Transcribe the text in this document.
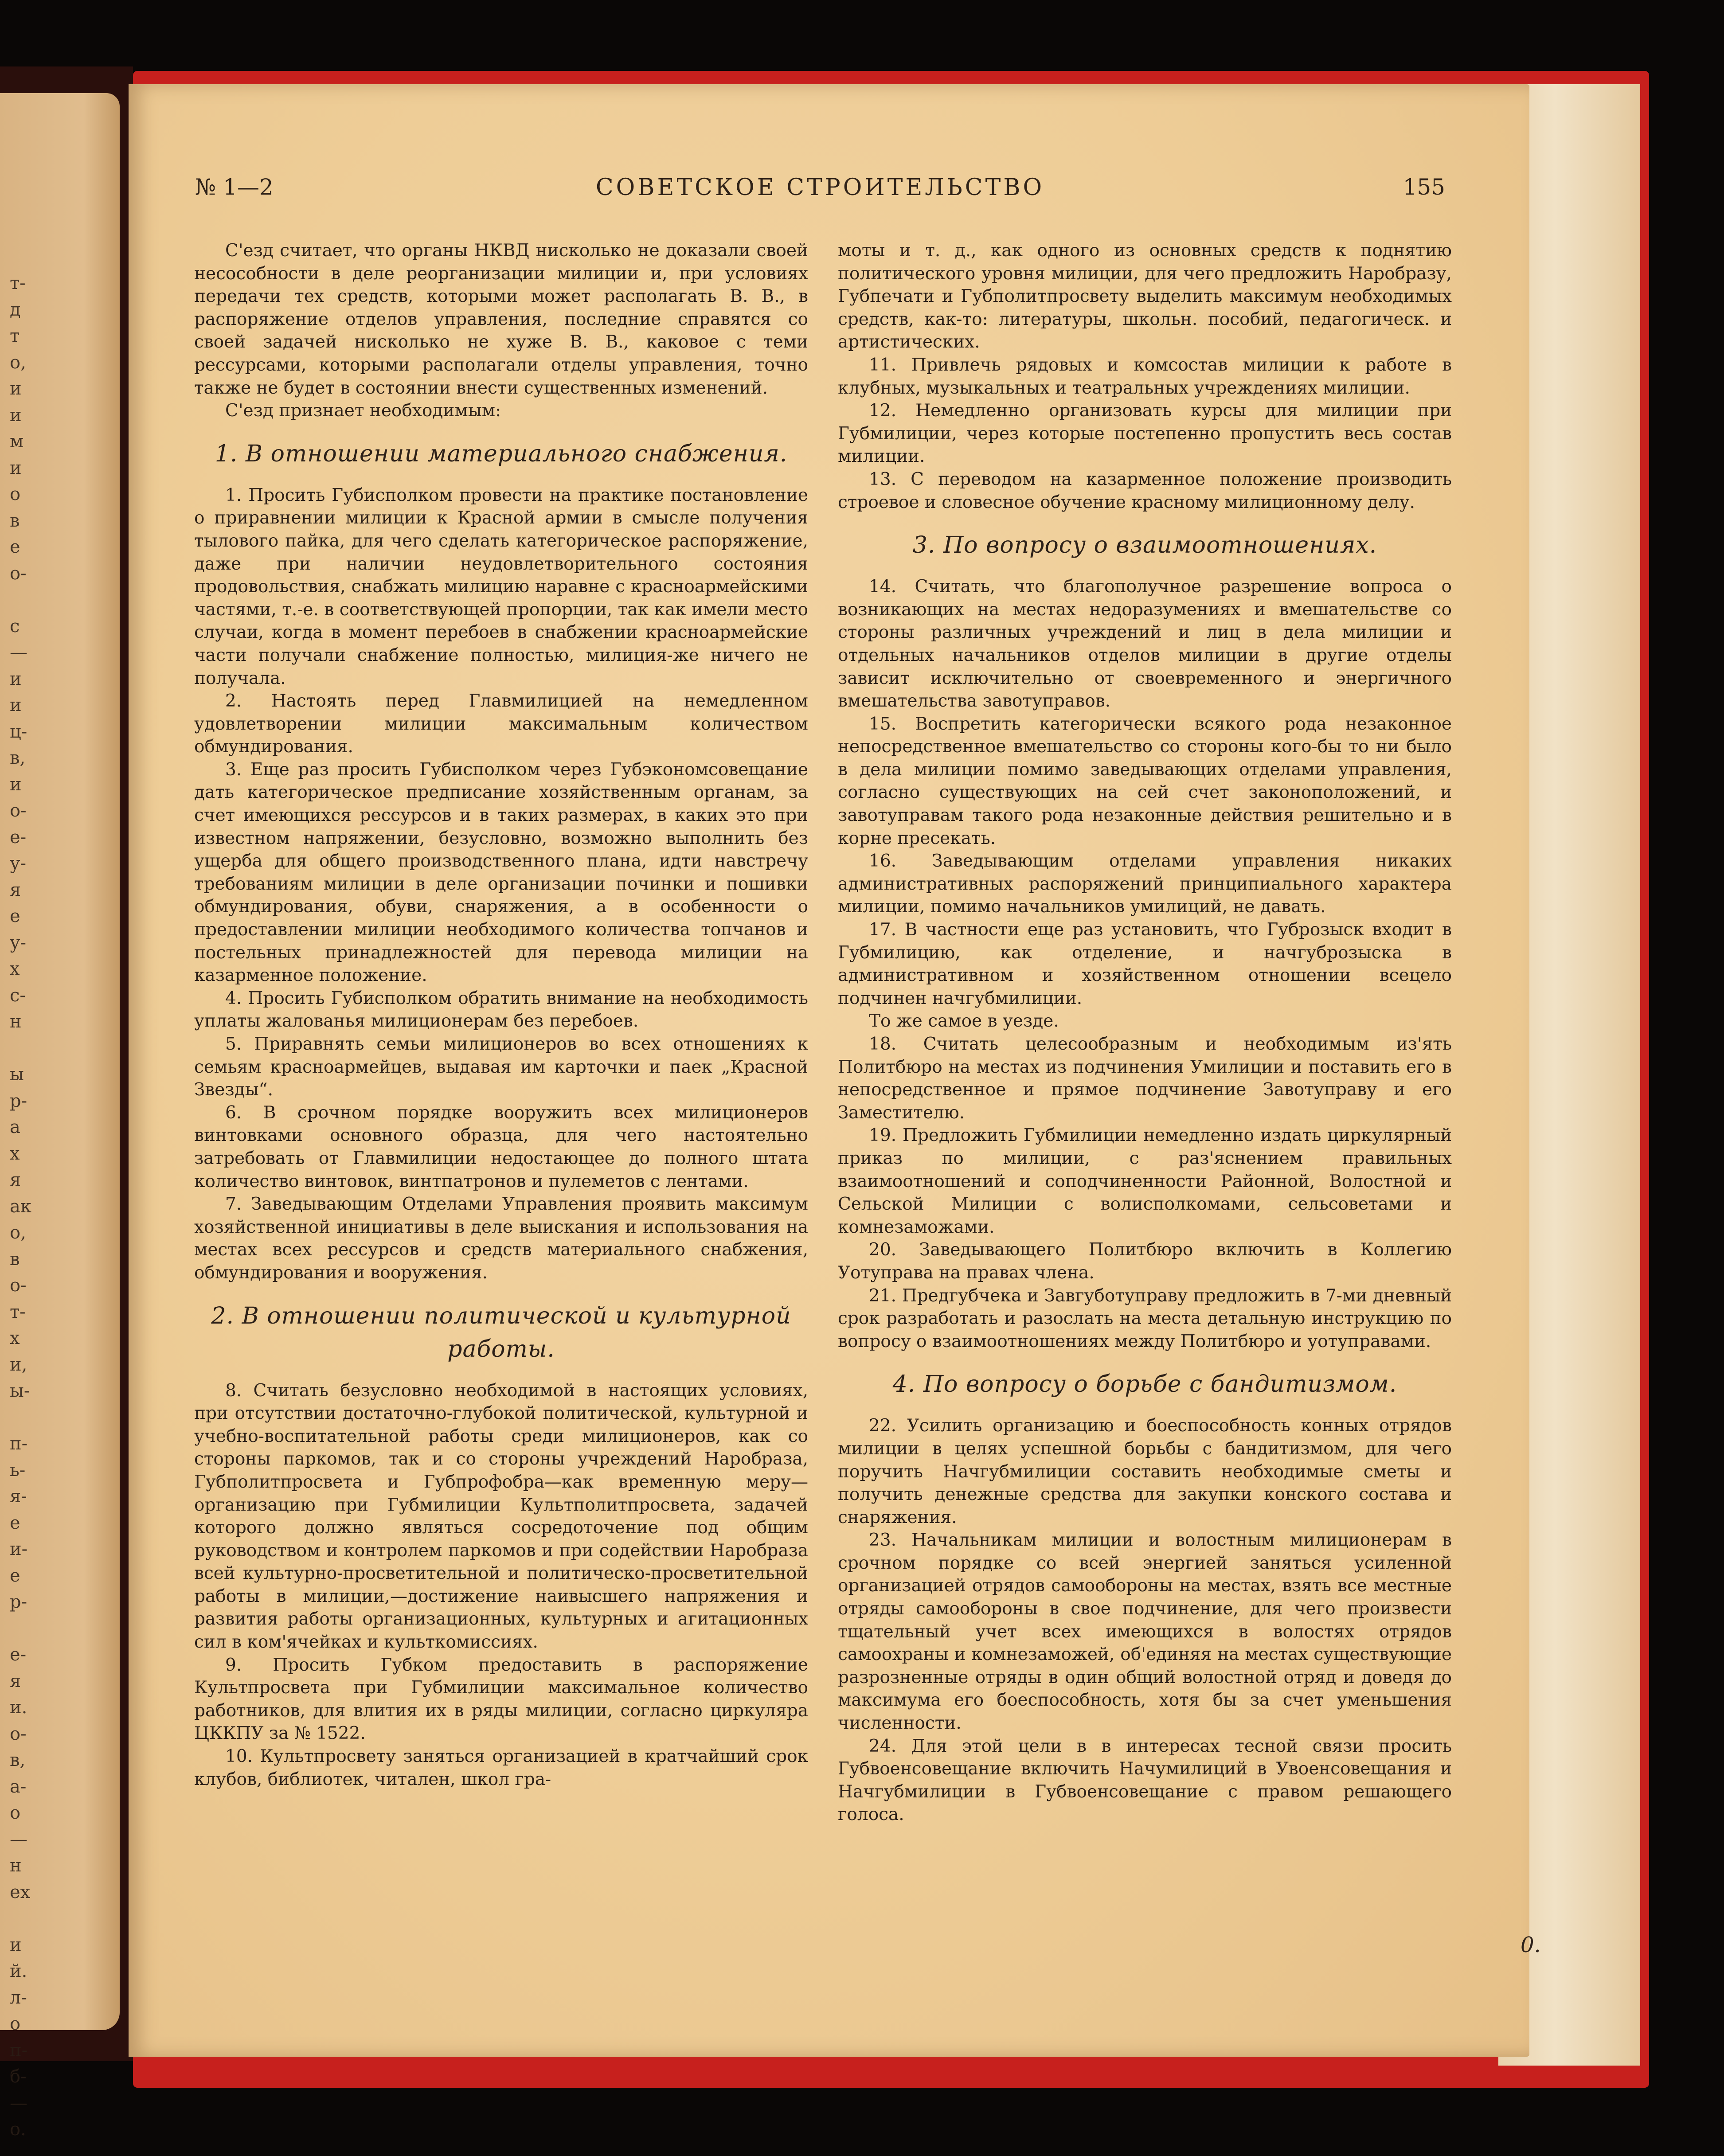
т-
д
т
о,
и
и
м
и
о
в
е
о-

с
—
и
и
ц-
в,
и
о-
е-
у-
я
е
у-
х
с-
н

ы
р-
а
х
я
ак
о,
в
о-
т-
х
и,
ы-

п-
ь-
я-
е
и-
е
р-

е-
я
и.
о-
в,
а-
о
—
н
ех

и
й.
л-
о
п-
б-
—
о.
№ 1—2	СОВЕТСКОЕ СТРОИТЕЛЬСТВО	155

С'езд считает, что органы НКВД нисколько не доказали своей несособности в деле реорганизации милиции и, при условиях передачи тех средств, которыми может располагать В. В., в распоряжение отделов управления, последние справятся со своей задачей нисколько не хуже В. В., каковое с теми рессурсами, которыми располагали отделы управления, точно также не будет в состоянии внести существенных изменений.

С'езд признает необходимым:

1. В отношении материального снабжения.

1. Просить Губисполком провести на практике постановление о приравнении милиции к Красной армии в смысле получения тылового пайка, для чего сделать категорическое распоряжение, даже при наличии неудовлетворительного состояния продовольствия, снабжать милицию наравне с красноармейскими частями, т.-е. в соответствующей пропорции, так как имели место случаи, когда в момент перебоев в снабжении красноармейские части получали снабжение полностью, милиция-же ничего не получала.

2. Настоять перед Главмилицией на немедленном удовлетворении милиции максимальным количеством обмундирования.

3. Еще раз просить Губисполком через Губэкономсовещание дать категорическое предписание хозяйственным органам, за счет имеющихся рессурсов и в таких размерах, в каких это при известном напряжении, безусловно, возможно выполнить без ущерба для общего производственного плана, идти навстречу требованиям милиции в деле организации починки и пошивки обмундирования, обуви, снаряжения, а в особенности о предоставлении милиции необходимого количества топчанов и постельных принадлежностей для перевода милиции на казарменное положение.

4. Просить Губисполком обратить внимание на необходимость уплаты жалованья милиционерам без перебоев.

5. Приравнять семьи милиционеров во всех отношениях к семьям красноармейцев, выдавая им карточки и паек „Красной Звезды“.

6. В срочном порядке вооружить всех милиционеров винтовками основного образца, для чего настоятельно затребовать от Главмилиции недостающее до полного штата количество винтовок, винтпатронов и пулеметов с лентами.

7. Заведывающим Отделами Управления проявить максимум хозяйственной инициативы в деле выискания и использования на местах всех рессурсов и средств материального снабжения, обмундирования и вооружения.

2. В отношении политической и культурной работы.

8. Считать безусловно необходимой в настоящих условиях, при отсутствии достаточно-глубокой политической, культурной и учебно-воспитательной работы среди милиционеров, как со стороны паркомов, так и со стороны учреждений Наробраза, Губполитпросвета и Губпрофобра—как временную меру—организацию при Губмилиции Культполитпросвета, задачей которого должно являться сосредоточение под общим руководством и контролем паркомов и при содействии Наробраза всей культурно-просветительной и политическо-просветительной работы в милиции,—достижение наивысшего напряжения и развития работы организационных, культурных и агитационных сил в ком'ячейках и культкомиссиях.

9. Просить Губком предоставить в распоряжение Культпросвета при Губмилиции максимальное количество работников, для влития их в ряды милиции, согласно циркуляра ЦККПУ за № 1522.

10. Культпросвету заняться организацией в кратчайший срок клубов, библиотек, читален, школ гра-

моты и т. д., как одного из основных средств к поднятию политического уровня милиции, для чего предложить Наробразу, Губпечати и Губполитпросвету выделить максимум необходимых средств, как-то: литературы, школьн. пособий, педагогическ. и артистических.

11. Привлечь рядовых и комсостав милиции к работе в клубных, музыкальных и театральных учреждениях милиции.

12. Немедленно организовать курсы для милиции при Губмилиции, через которые постепенно пропустить весь состав милиции.

13. С переводом на казарменное положение производить строевое и словесное обучение красному милиционному делу.

3. По вопросу о взаимоотношениях.

14. Считать, что благополучное разрешение вопроса о возникающих на местах недоразумениях и вмешательстве со стороны различных учреждений и лиц в дела милиции и отдельных начальников отделов милиции в другие отделы зависит исключительно от своевременного и энергичного вмешательства завотуправов.

15. Воспретить категорически всякого рода незаконное непосредственное вмешательство со стороны кого-бы то ни было в дела милиции помимо заведывающих отделами управления, согласно существующих на сей счет законоположений, и завотуправам такого рода незаконные действия решительно и в корне пресекать.

16. Заведывающим отделами управления никаких административных распоряжений принципиального характера милиции, помимо начальников умилиций, не давать.

17. В частности еще раз установить, что Губрозыск входит в Губмилицию, как отделение, и начгуброзыска в административном и хозяйственном отношении всецело подчинен начгубмилиции.

То же самое в уезде.

18. Считать целесообразным и необходимым из'ять Политбюро на местах из подчинения Умилиции и поставить его в непосредственное и прямое подчинение Завотуправу и его Заместителю.

19. Предложить Губмилиции немедленно издать циркулярный приказ по милиции, с раз'яснением правильных взаимоотношений и соподчиненности Районной, Волостной и Сельской Милиции с волисполкомами, сельсоветами и комнезаможами.

20. Заведывающего Политбюро включить в Коллегию Уотуправа на правах члена.

21. Предгубчека и Завгуботуправу предложить в 7-ми дневный срок разработать и разослать на места детальную инструкцию по вопросу о взаимоотношениях между Политбюро и уотуправами.

4. По вопросу о борьбе с бандитизмом.

22. Усилить организацию и боеспособность конных отрядов милиции в целях успешной борьбы с бандитизмом, для чего поручить Начгубмилиции составить необходимые сметы и получить денежные средства для закупки конского состава и снаряжения.

23. Начальникам милиции и волостным милиционерам в срочном порядке со всей энергией заняться усиленной организацией отрядов самообороны на местах, взять все местные отряды самообороны в свое подчинение, для чего произвести тщательный учет всех имеющихся в волостях отрядов самоохраны и комнезаможей, об'единяя на местах существующие разрозненные отряды в один общий волостной отряд и доведя до максимума его боеспособность, хотя бы за счет уменьшения численности.

24. Для этой цели в в интересах тесной связи просить Губвоенсовещание включить Начумилиций в Увоенсовещания и Начгубмилиции в Губвоенсовещание с правом решающего голоса.

0.
